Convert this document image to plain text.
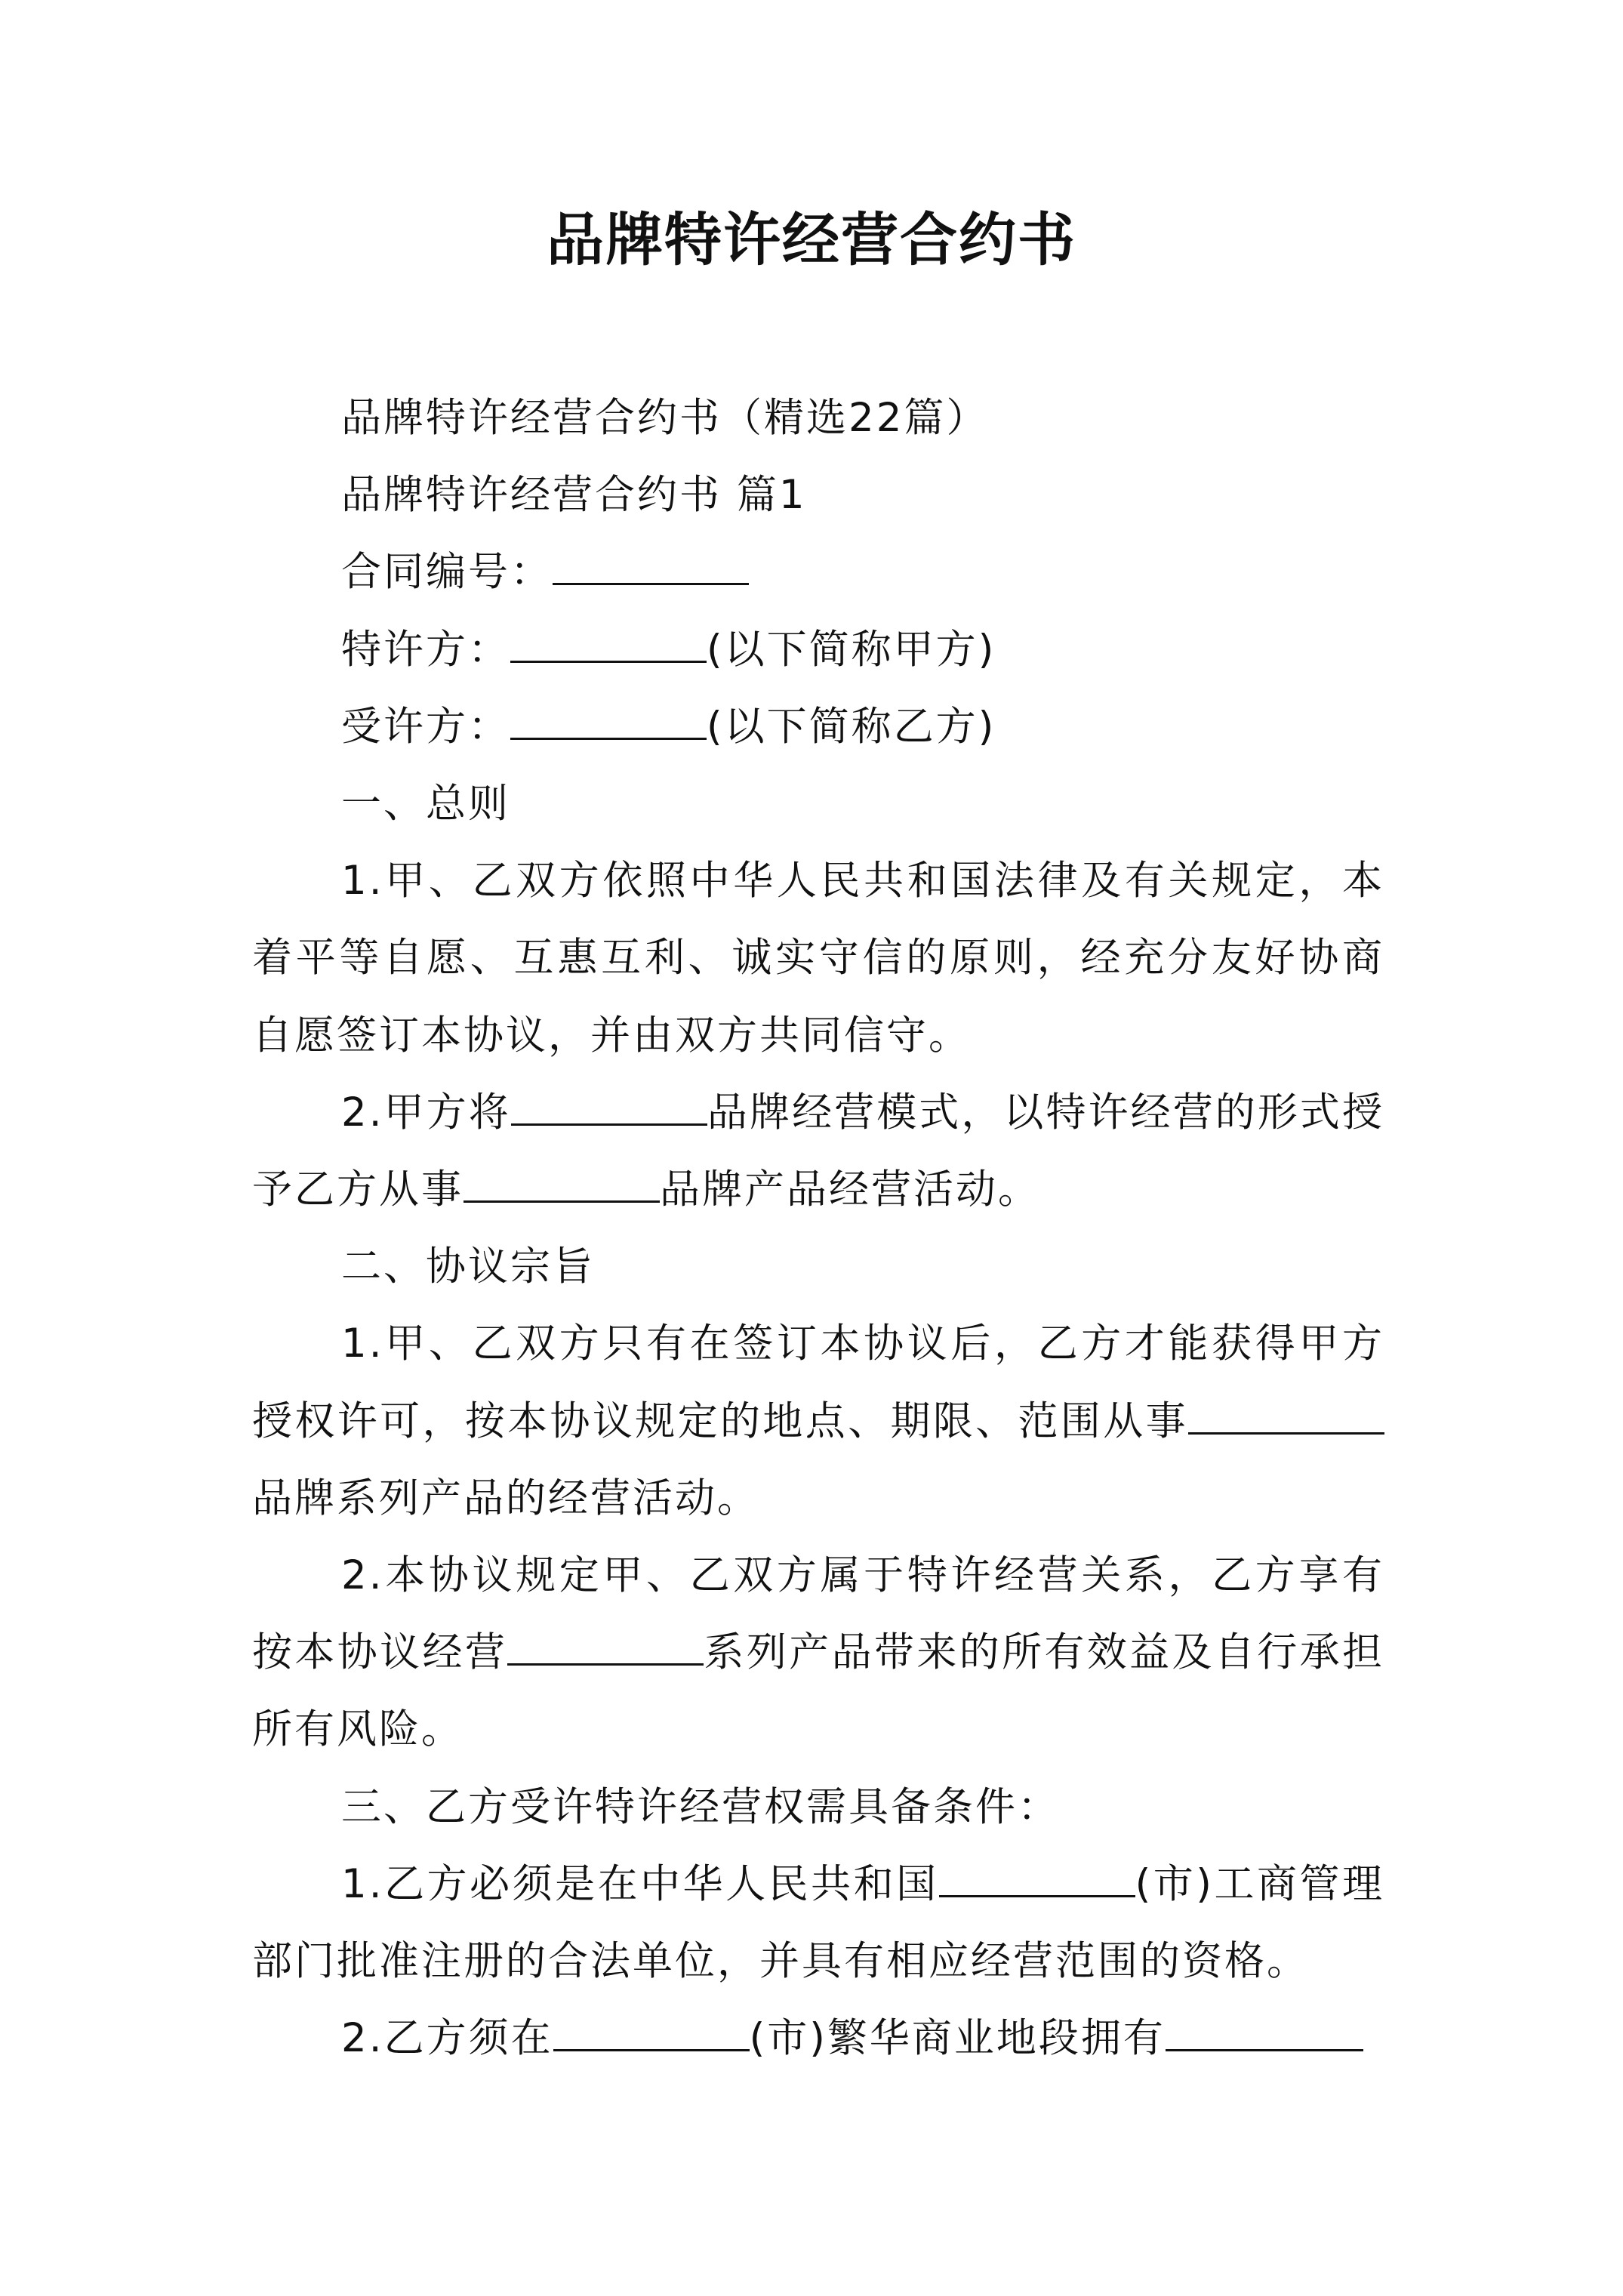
品牌特许经营合约书

品牌特许经营合约书（精选22篇）

品牌特许经营合约书 篇1

合同编号：

特许方：	(以下简称甲方)

受许方：	(以下简称乙方)

一、总则

1.甲、乙双方依照中华人民共和国法律及有关规定，本着平等自愿、互惠互利、诚实守信的原则，经充分友好协商自愿签订本协议，并由双方共同信守。

2.甲方将	品牌经营模式，以特许经营的形式授予乙方从事	品牌产品经营活动。

二、协议宗旨

1.甲、乙双方只有在签订本协议后，乙方才能获得甲方授权许可，按本协议规定的地点、期限、范围从事品牌系列产品的经营活动。

2.本协议规定甲、乙双方属于特许经营关系，乙方享有按本协议经营	系列产品带来的所有效益及自行承担所有风险。

三、乙方受许特许经营权需具备条件：

1.乙方必须是在中华人民共和国	(市)工商管理部门批准注册的合法单位，并具有相应经营范围的资格。

2.乙方须在	(市)繁华商业地段拥有
